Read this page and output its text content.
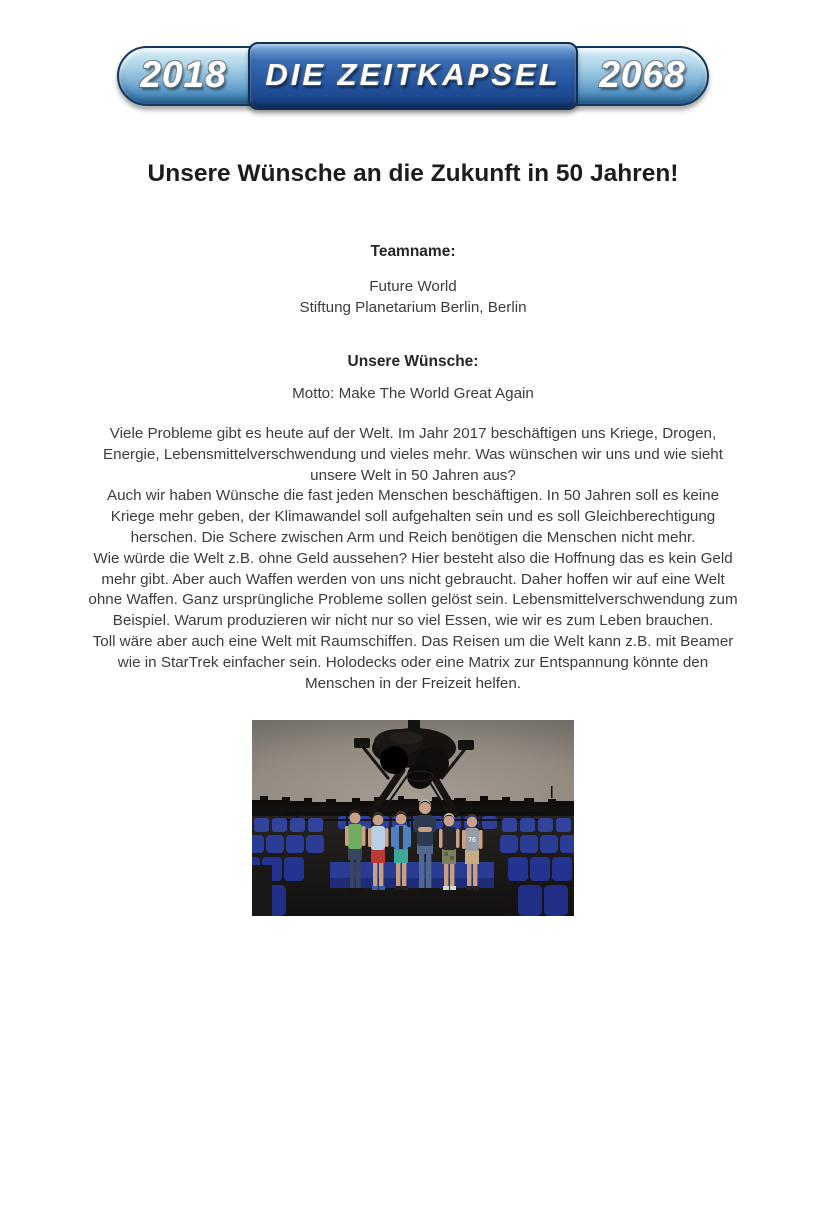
2018	2068
DIE ZEITKAPSEL
Unsere Wünsche an die Zukunft in 50 Jahren!
Teamname:
Future World
Stiftung Planetarium Berlin, Berlin
Unsere Wünsche:
Motto: Make The World Great Again

Viele Probleme gibt es heute auf der Welt. Im Jahr 2017 beschäftigen uns Kriege, Drogen, Energie, Lebensmittelverschwendung und vieles mehr. Was wünschen wir uns und wie sieht unsere Welt in 50 Jahren aus?

Auch wir haben Wünsche die fast jeden Menschen beschäftigen. In 50 Jahren soll es keine Kriege mehr geben, der Klimawandel soll aufgehalten sein und es soll Gleichberechtigung herschen. Die Schere zwischen Arm und Reich benötigen die Menschen nicht mehr.

Wie würde die Welt z.B. ohne Geld aussehen? Hier besteht also die Hoffnung das es kein Geld mehr gibt. Aber auch Waffen werden von uns nicht gebraucht. Daher hoffen wir auf eine Welt ohne Waffen. Ganz ursprüngliche Probleme sollen gelöst sein. Lebensmittelverschwendung zum Beispiel. Warum produzieren wir nicht nur so viel Essen, wie wir es zum Leben brauchen.

Toll wäre aber auch eine Welt mit Raumschiffen. Das Reisen um die Welt kann z.B. mit Beamer wie in StarTrek einfacher sein. Holodecks oder eine Matrix zur Entspannung könnte den Menschen in der Freizeit helfen.

76
